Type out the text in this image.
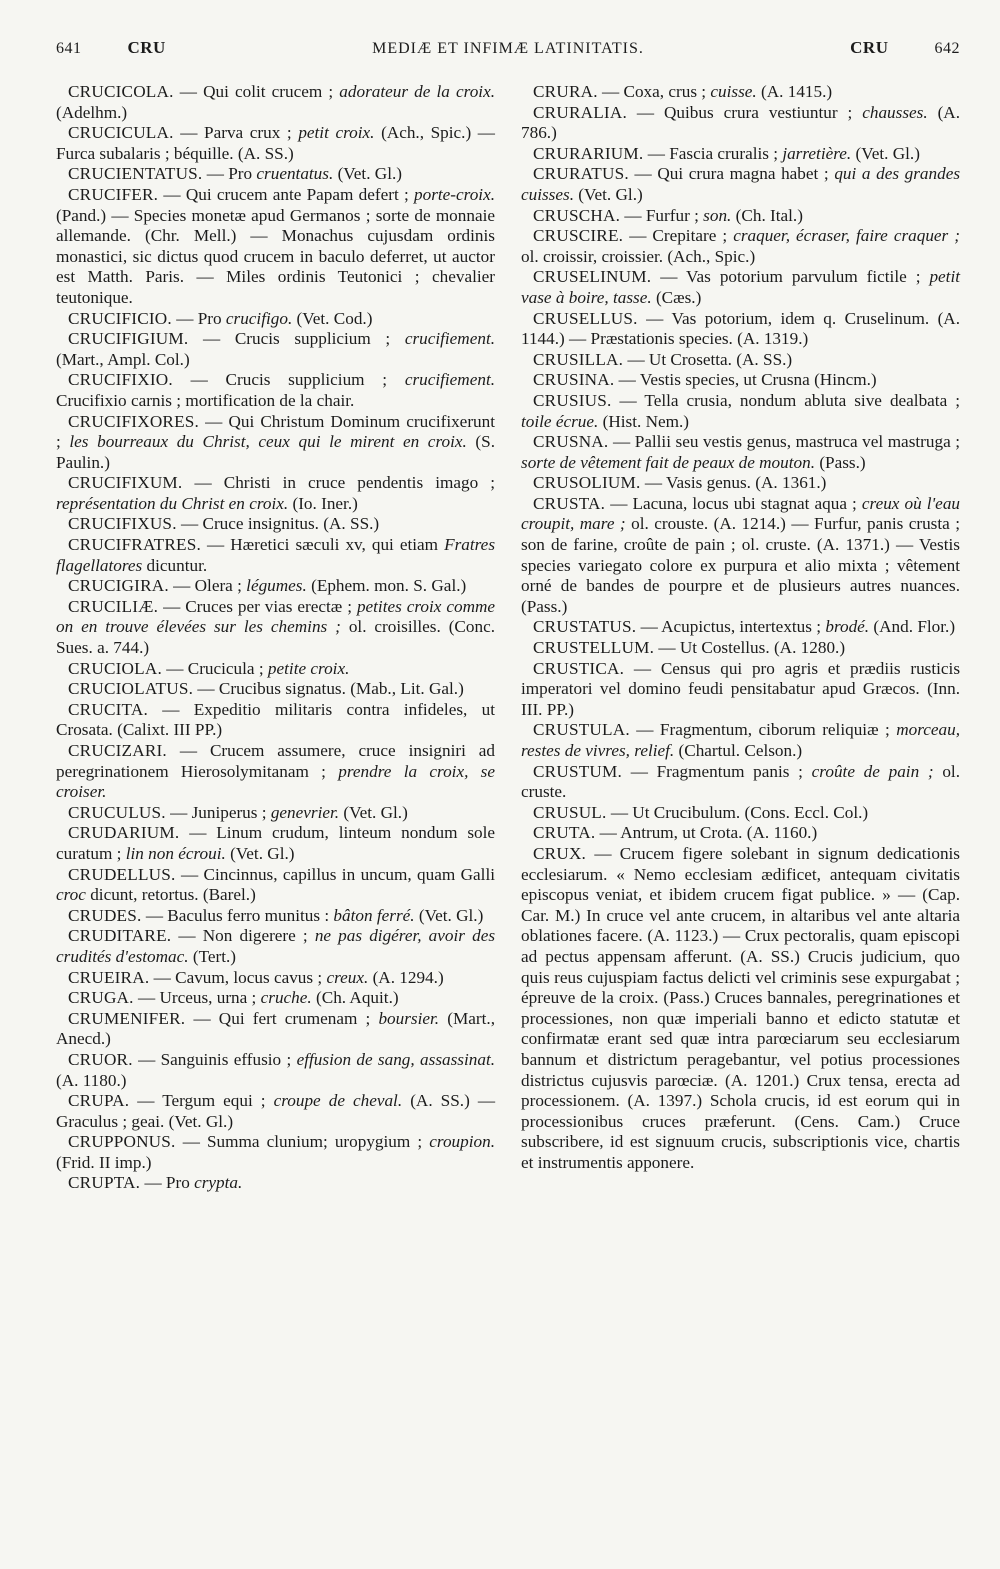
641	CRU	MEDIÆ ET INFIMÆ LATINITATIS.	CRU	642

CRUCICOLA. — Qui colit crucem ; adorateur de la croix. (Adelhm.)

CRUCIСULA. — Parva crux ; petit croix. (Ach., Spic.) — Furca subalaris ; béquille. (A. SS.)

CRUCIENTATUS. — Pro cruentatus. (Vet. Gl.)

CRUCIFER. — Qui crucem ante Papam defert ; porte-croix. (Pand.) — Species monetæ apud Germanos ; sorte de monnaie allemande. (Chr. Mell.) — Monachus cujusdam ordinis monastici, sic dictus quod crucem in baculo deferret, ut auctor est Matth. Paris. — Miles ordinis Teutonici ; chevalier teutonique.

CRUCIFICIO. — Pro crucifigo. (Vet. Cod.)

CRUCIFIGIUM. — Crucis supplicium ; crucifiement. (Mart., Ampl. Col.)

CRUCIFIXIO. — Crucis supplicium ; crucifiement. Crucifixio carnis ; mortification de la chair.

CRUCIFIXORES. — Qui Christum Dominum crucifixerunt ; les bourreaux du Christ, ceux qui le mirent en croix. (S. Paulin.)

CRUCIFIXUM. — Christi in cruce pendentis imago ; représentation du Christ en croix. (Io. Iner.)

CRUCIFIXUS. — Cruce insignitus. (A. SS.)

CRUCIFRATRES. — Hæretici sæculi xv, qui etiam Fratres flagellatores dicuntur.

CRUCIGIRA. — Olera ; légumes. (Ephem. mon. S. Gal.)

CRUCILIÆ. — Cruces per vias erectæ ; petites croix comme on en trouve élevées sur les chemins ; ol. croisilles. (Conc. Sues. a. 744.)

CRUCIOLA. — Crucicula ; petite croix.

CRUCIOLATUS. — Crucibus signatus. (Mab., Lit. Gal.)

CRUCITA. — Expeditio militaris contra infideles, ut Crosata. (Calixt. III PP.)

CRUCIZARI. — Crucem assumere, cruce insigniri ad peregrinationem Hierosolymitanam ; prendre la croix, se croiser.

CRUCULUS. — Juniperus ; genevrier. (Vet. Gl.)

CRUDARIUM. — Linum crudum, linteum nondum sole curatum ; lin non écroui. (Vet. Gl.)

CRUDELLUS. — Cincinnus, capillus in uncum, quam Galli croc dicunt, retortus. (Barel.)

CRUDES. — Baculus ferro munitus : bâton ferré. (Vet. Gl.)

CRUDITARE. — Non digerere ; ne pas digérer, avoir des crudités d'estomac. (Tert.)

CRUEIRA. — Cavum, locus cavus ; creux. (A. 1294.)

CRUGA. — Urceus, urna ; cruche. (Ch. Aquit.)

CRUMENIFER. — Qui fert crumenam ; boursier. (Mart., Anecd.)

CRUOR. — Sanguinis effusio ; effusion de sang, assassinat. (A. 1180.)

CRUPA. — Tergum equi ; croupe de cheval. (A. SS.) — Graculus ; geai. (Vet. Gl.)

CRUPPONUS. — Summa clunium; uropygium ; croupion. (Frid. II imp.)

CRUPTA. — Pro crypta.

CRURA. — Coxa, crus ; cuisse. (A. 1415.)

CRURALIA. — Quibus crura vestiuntur ; chausses. (A. 786.)

CRURARIUM. — Fascia cruralis ; jarretière. (Vet. Gl.)

CRURATUS. — Qui crura magna habet ; qui a des grandes cuisses. (Vet. Gl.)

CRUSCHA. — Furfur ; son. (Ch. Ital.)

CRUSCIRE. — Crepitare ; craquer, écraser, faire craquer ; ol. croissir, croissier. (Ach., Spic.)

CRUSELINUM. — Vas potorium parvulum fictile ; petit vase à boire, tasse. (Cæs.)

CRUSELLUS. — Vas potorium, idem q. Cruselinum. (A. 1144.) — Præstationis species. (A. 1319.)

CRUSILLA. — Ut Crosetta. (A. SS.)

CRUSINA. — Vestis species, ut Crusna (Hincm.)

CRUSIUS. — Tella crusia, nondum abluta sive dealbata ; toile écrue. (Hist. Nem.)

CRUSNA. — Pallii seu vestis genus, mastruca vel mastruga ; sorte de vêtement fait de peaux de mouton. (Pass.)

CRUSOLIUM. — Vasis genus. (A. 1361.)

CRUSTA. — Lacuna, locus ubi stagnat aqua ; creux où l'eau croupit, mare ; ol. crouste. (A. 1214.) — Furfur, panis crusta ; son de farine, croûte de pain ; ol. cruste. (A. 1371.) — Vestis species variegato colore ex purpura et alio mixta ; vêtement orné de bandes de pourpre et de plusieurs autres nuances. (Pass.)

CRUSTATUS. — Acupictus, intertextus ; brodé. (And. Flor.)

CRUSTELLUM. — Ut Costellus. (A. 1280.)

CRUSTICA. — Census qui pro agris et prædiis rusticis imperatori vel domino feudi pensitabatur apud Græcos. (Inn. III. PP.)

CRUSTULA. — Fragmentum, ciborum reliquiæ ; morceau, restes de vivres, relief. (Chartul. Celson.)

CRUSTUM. — Fragmentum panis ; croûte de pain ; ol. cruste.

CRUSUL. — Ut Crucibulum. (Cons. Eccl. Col.)

CRUTA. — Antrum, ut Crota. (A. 1160.)

CRUX. — Crucem figere solebant in signum dedicationis ecclesiarum. « Nemo ecclesiam ædificet, antequam civitatis episcopus veniat, et ibidem crucem figat publice. » — (Cap. Car. M.) In cruce vel ante crucem, in altaribus vel ante altaria oblationes facere. (A. 1123.) — Crux pectoralis, quam episcopi ad pectus appensam afferunt. (A. SS.) Crucis judicium, quo quis reus cujuspiam factus delicti vel criminis sese expurgabat ; épreuve de la croix. (Pass.) Cruces bannales, peregrinationes et processiones, non quæ imperiali banno et edicto statutæ et confirmatæ erant sed quæ intra parœciarum seu ecclesiarum bannum et districtum peragebantur, vel potius processiones districtus cujusvis parœciæ. (A. 1201.) Crux tensa, erecta ad processionem. (A. 1397.) Schola crucis, id est eorum qui in processionibus cruces præferunt. (Cens. Cam.) Cruce subscribere, id est signuum crucis, subscriptionis vice, chartis et instrumentis apponere.
